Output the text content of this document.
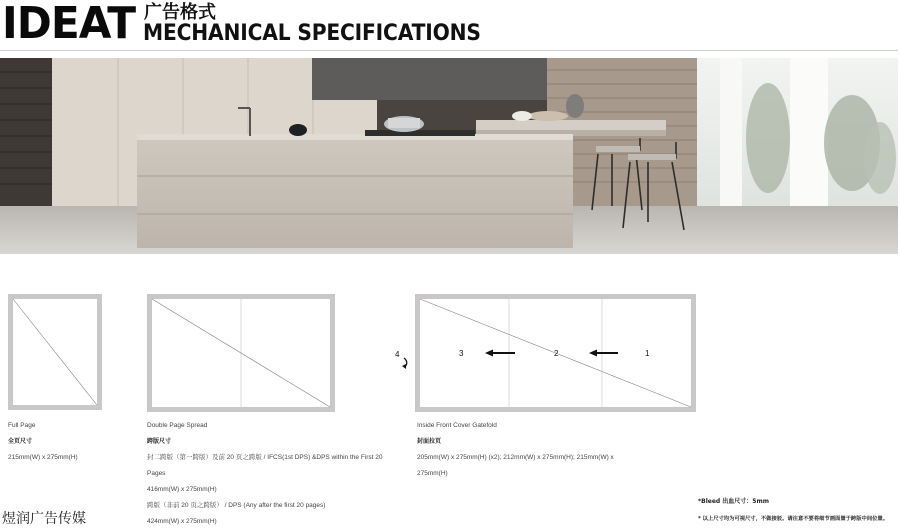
IDEAT 广告格式
MECHANICAL SPECIFICATIONS
3	2	1
4
Full Page
全页尺寸
215mm(W) x 275mm(H)
Double Page Spread
跨版尺寸
封二跨版（第一跨版）及前 20 页之跨版 / IFCS(1st DPS) &DPS within the First 20
Pages
416mm(W) x 275mm(H)
跨版（非前 20 页之跨版） / DPS (Any after the first 20 pages)
424mm(W) x 275mm(H)
Inside Front Cover Gatefold
封面拉页
205mm(W) x 275mm(H) (x2); 212mm(W) x 275mm(H); 215mm(W) x
275mm(H)
*Bleed 出血尺寸：5mm
* 以上尺寸均为可视尺寸，不做接驳。请注意不要将细节画面置于跨版中间位置。
煜润广告传媒
